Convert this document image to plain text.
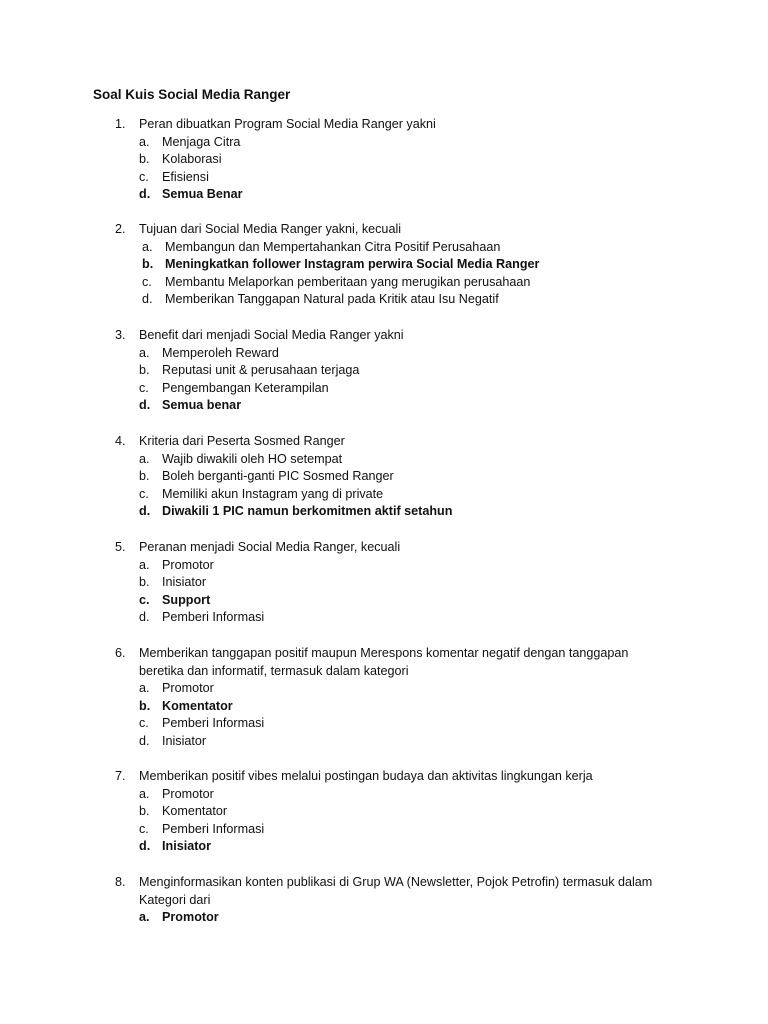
Soal Kuis Social Media Ranger
1. Peran dibuatkan Program Social Media Ranger yakni
a. Menjaga Citra
b. Kolaborasi
c. Efisiensi
d. Semua Benar
2. Tujuan dari Social Media Ranger yakni, kecuali
a. Membangun dan Mempertahankan Citra Positif Perusahaan
b. Meningkatkan follower Instagram perwira Social Media Ranger
c. Membantu Melaporkan pemberitaan yang merugikan perusahaan
d. Memberikan Tanggapan Natural pada Kritik atau Isu Negatif
3. Benefit dari menjadi Social Media Ranger yakni
a. Memperoleh Reward
b. Reputasi unit & perusahaan terjaga
c. Pengembangan Keterampilan
d. Semua benar
4. Kriteria dari Peserta Sosmed Ranger
a. Wajib diwakili oleh HO setempat
b. Boleh berganti-ganti PIC Sosmed Ranger
c. Memiliki akun Instagram yang di private
d. Diwakili 1 PIC namun berkomitmen aktif setahun
5. Peranan menjadi Social Media Ranger, kecuali
a. Promotor
b. Inisiator
c. Support
d. Pemberi Informasi
6. Memberikan tanggapan positif maupun Merespons komentar negatif dengan tanggapan
beretika dan informatif, termasuk dalam kategori
a. Promotor
b. Komentator
c. Pemberi Informasi
d. Inisiator
7. Memberikan positif vibes melalui postingan budaya dan aktivitas lingkungan kerja
a. Promotor
b. Komentator
c. Pemberi Informasi
d. Inisiator
8. Menginformasikan konten publikasi di Grup WA (Newsletter, Pojok Petrofin) termasuk dalam
Kategori dari
a. Promotor
